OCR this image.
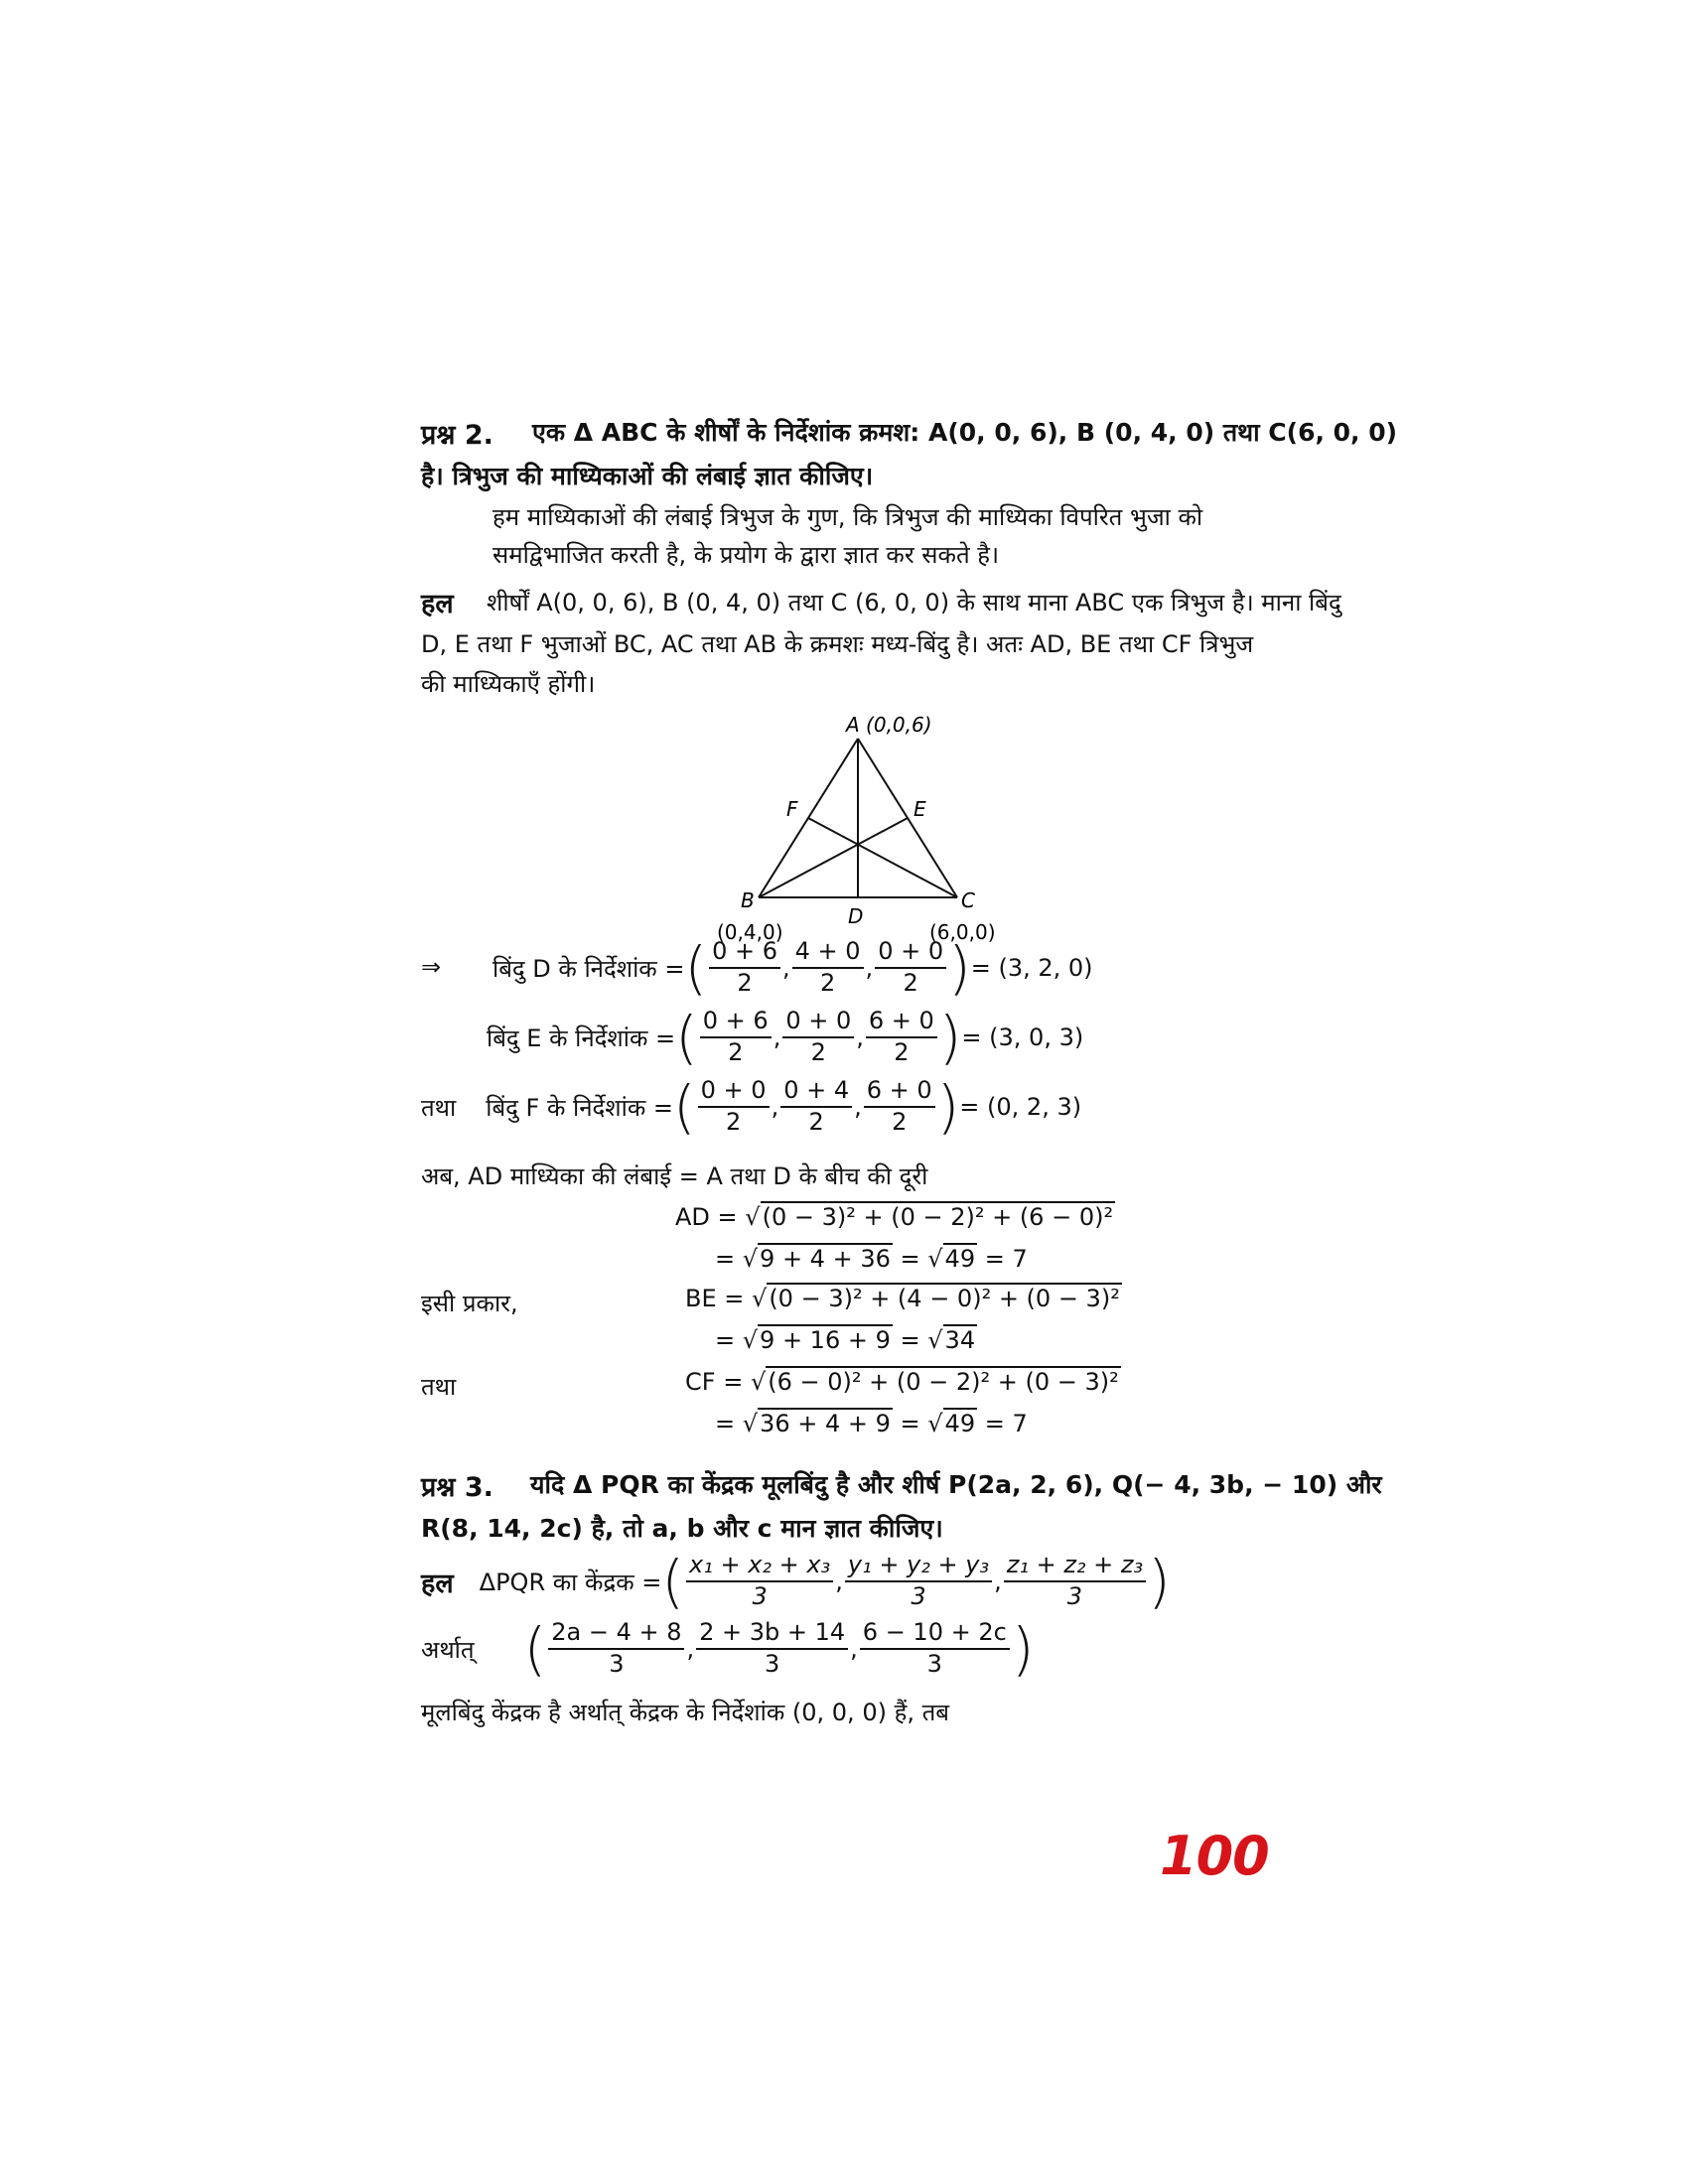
प्रश्न 2. एक Δ ABC के शीर्षों के निर्देशांक क्रमश: A(0, 0, 6), B (0, 4, 0) तथा C(6, 0, 0)
है। त्रिभुज की माध्यिकाओं की लंबाई ज्ञात कीजिए।
हम माध्यिकाओं की लंबाई त्रिभुज के गुण, कि त्रिभुज की माध्यिका विपरित भुजा को
समद्विभाजित करती है, के प्रयोग के द्वारा ज्ञात कर सकते है।
हल शीर्षों A(0, 0, 6), B (0, 4, 0) तथा C (6, 0, 0) के साथ माना ABC एक त्रिभुज है। माना बिंदु
D, E तथा F भुजाओं BC, AC तथा AB के क्रमशः मध्य-बिंदु है। अतः AD, BE तथा CF त्रिभुज
की माध्यिकाएँ होंगी।
A (0,0,6)
B	C
D
E
F
(0,4,0)	(6,0,0)
⇒ बिंदु D के निर्देशांक = ( $\frac{0 + 6}{2}$ , $\frac{4 + 0}{2}$ , $\frac{0 + 0}{2}$ ) = (3, 2, 0)
बिंदु E के निर्देशांक = ( $\frac{0 + 6}{2}$ , $\frac{0 + 0}{2}$ , $\frac{6 + 0}{2}$ ) = (3, 0, 3)
तथा बिंदु F के निर्देशांक = ( $\frac{0 + 0}{2}$ , $\frac{0 + 4}{2}$ , $\frac{6 + 0}{2}$ ) = (0, 2, 3)
अब, AD माध्यिका की लंबाई = A तथा D के बीच की दूरी
AD = √(0 − 3)² + (0 − 2)² + (6 − 0)²
= √9 + 4 + 36 = √49 = 7
इसी प्रकार,	BE = √(0 − 3)² + (4 − 0)² + (0 − 3)²
= √9 + 16 + 9 = √34
तथा	CF = √(6 − 0)² + (0 − 2)² + (0 − 3)²
= √36 + 4 + 9 = √49 = 7
प्रश्न 3. यदि Δ PQR का केंद्रक मूलबिंदु है और शीर्ष P(2a, 2, 6), Q(− 4, 3b, − 10) और
R(8, 14, 2c) है, तो a, b और c मान ज्ञात कीजिए।
हल ΔPQR का केंद्रक = ( $\frac{\text{x₁ + x₂ + x₃}}{3}$ , $\frac{\text{y₁ + y₂ + y₃}}{3}$ , $\frac{\text{z₁ + z₂ + z₃}}{3}$ )
अर्थात् ( $\frac{2a - 4 + 8}{3}$ , $\frac{2 + 3b + 14}{3}$ , $\frac{6 - 10 + 2c}{3}$ )
मूलबिंदु केंद्रक है अर्थात् केंद्रक के निर्देशांक (0, 0, 0) हैं, तब
100
